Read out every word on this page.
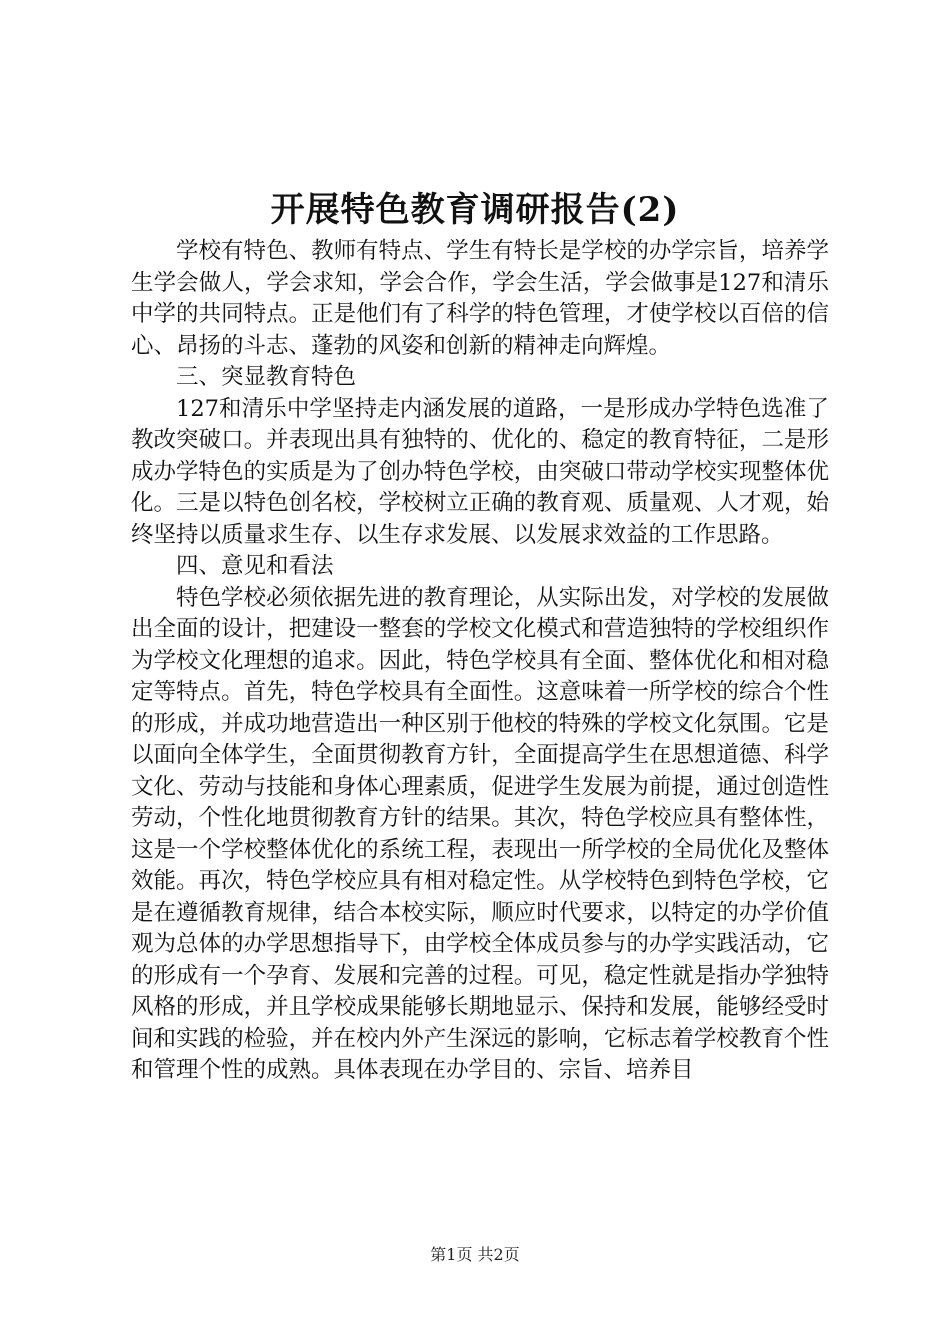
开展特色教育调研报告(2)

学校有特色、教师有特点、学生有特长是学校的办学宗旨，培养学生学会做人，学会求知，学会合作，学会生活，学会做事是127和清乐中学的共同特点。正是他们有了科学的特色管理，才使学校以百倍的信心、昂扬的斗志、蓬勃的风姿和创新的精神走向辉煌。

三、突显教育特色

127和清乐中学坚持走内涵发展的道路，一是形成办学特色选准了教改突破口。并表现出具有独特的、优化的、稳定的教育特征，二是形成办学特色的实质是为了创办特色学校，由突破口带动学校实现整体优化。三是以特色创名校，学校树立正确的教育观、质量观、人才观，始终坚持以质量求生存、以生存求发展、以发展求效益的工作思路。

四、意见和看法

特色学校必须依据先进的教育理论，从实际出发，对学校的发展做出全面的设计，把建设一整套的学校文化模式和营造独特的学校组织作为学校文化理想的追求。因此，特色学校具有全面、整体优化和相对稳定等特点。首先，特色学校具有全面性。这意味着一所学校的综合个性的形成，并成功地营造出一种区别于他校的特殊的学校文化氛围。它是以面向全体学生，全面贯彻教育方针，全面提高学生在思想道德、科学文化、劳动与技能和身体心理素质，促进学生发展为前提，通过创造性劳动，个性化地贯彻教育方针的结果。其次，特色学校应具有整体性，这是一个学校整体优化的系统工程，表现出一所学校的全局优化及整体效能。再次，特色学校应具有相对稳定性。从学校特色到特色学校，它是在遵循教育规律，结合本校实际，顺应时代要求，以特定的办学价值观为总体的办学思想指导下，由学校全体成员参与的办学实践活动，它的形成有一个孕育、发展和完善的过程。可见，稳定性就是指办学独特风格的形成，并且学校成果能够长期地显示、保持和发展，能够经受时间和实践的检验，并在校内外产生深远的影响，它标志着学校教育个性和管理个性的成熟。具体表现在办学目的、宗旨、培养目

第1页 共2页
